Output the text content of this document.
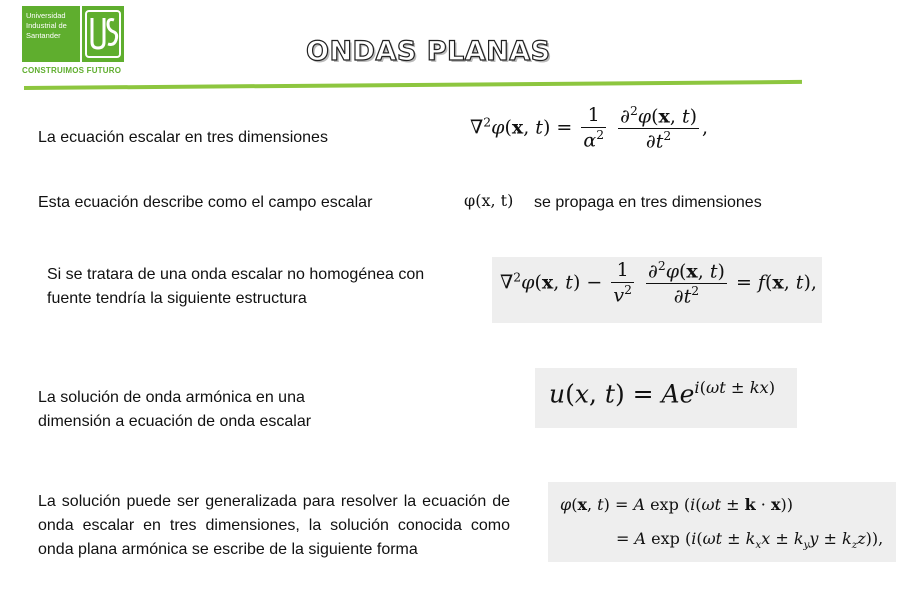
Universidad
Industrial de
Santander
CONSTRUIMOS FUTURO
ONDAS PLANAS
La ecuación escalar en tres dimensiones	∇$^2$φ(x, $t) = \frac{1}{\alpha^2}$
$\frac{\partial^2\varphi(x, t)}{\partial t^2}$ ,
Esta ecuación describe como el campo escalar	φ(x, t) se propaga en tres dimensiones
Si se tratara de una onda escalar no homogénea con fuente tendría la siguiente estructura
∇$^2$φ(x, $t) - \frac{1}{v^2}$
$\frac{\partial^2\varphi(x, t)}{\partial t^2} = f(x$, t),
La solución de onda armónica en una dimensión a ecuación de onda escalar
u(x, $t) = Ae^{i(\omega t \pm kx)}$
La solución puede ser generalizada para resolver la ecuación de onda escalar en tres dimensiones, la solución conocida como onda plana armónica se escribe de la siguiente forma
φ(x, t) = A exp (i(ωt ± k · x))
= A $\exp (i(\omega t \pm k_xx \pm k_yy \pm k_zz))$,
